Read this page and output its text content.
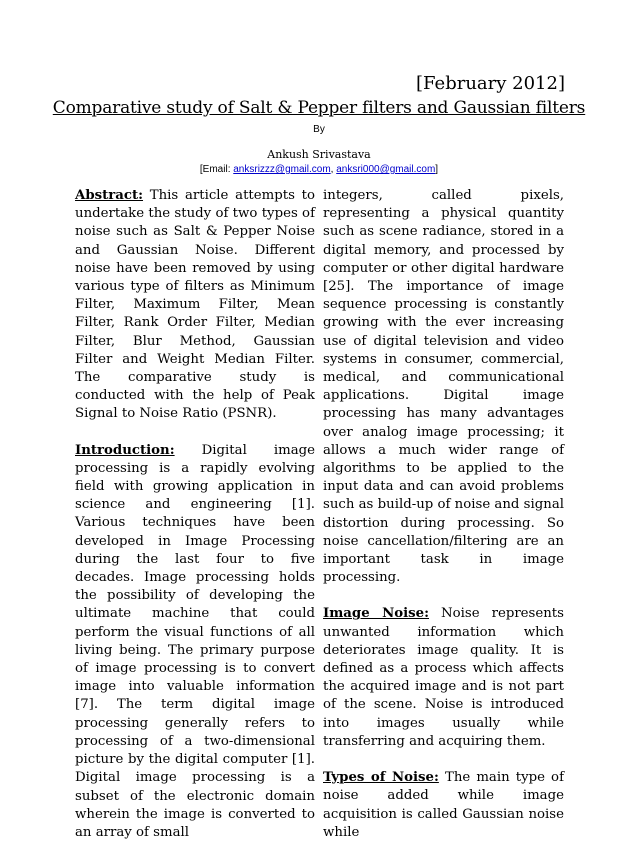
[February 2012]
Comparative study of Salt & Pepper filters and Gaussian filters
By
Ankush Srivastava
[Email: anksrizzz@gmail.com, anksri000@gmail.com]

Abstract: This article attempts to undertake the study of two types of noise such as Salt & Pepper Noise and Gaussian Noise. Different noise have been removed by using various type of filters as Minimum Filter, Maximum Filter, Mean Filter, Rank Order Filter, Median Filter, Blur Method, Gaussian Filter and Weight Median Filter. The comparative study is conducted with the help of Peak Signal to Noise Ratio (PSNR).

Introduction: Digital image processing is a rapidly evolving field with growing application in science and engineering [1]. Various techniques have been developed in Image Processing during the last four to five decades. Image processing holds the possibility of developing the ultimate machine that could perform the visual functions of all living being. The primary purpose of image processing is to convert image into valuable information [7]. The term digital image processing generally refers to processing of a two-dimensional picture by the digital computer [1]. Digital image processing is a subset of the electronic domain wherein the image is converted to an array of small

integers, called pixels, representing a physical quantity such as scene radiance, stored in a digital memory, and processed by computer or other digital hardware [25]. The importance of image sequence processing is constantly growing with the ever increasing use of digital television and video systems in consumer, commercial, medical, and communicational applications. Digital image processing has many advantages over analog image processing; it allows a much wider range of algorithms to be applied to the input data and can avoid problems such as build-up of noise and signal distortion during processing. So noise cancellation/filtering are an important task in image processing.

Image Noise: Noise represents unwanted information which deteriorates image quality. It is defined as a process which affects the acquired image and is not part of the scene. Noise is introduced into images usually while transferring and acquiring them.

Types of Noise: The main type of noise added while image acquisition is called Gaussian noise while
